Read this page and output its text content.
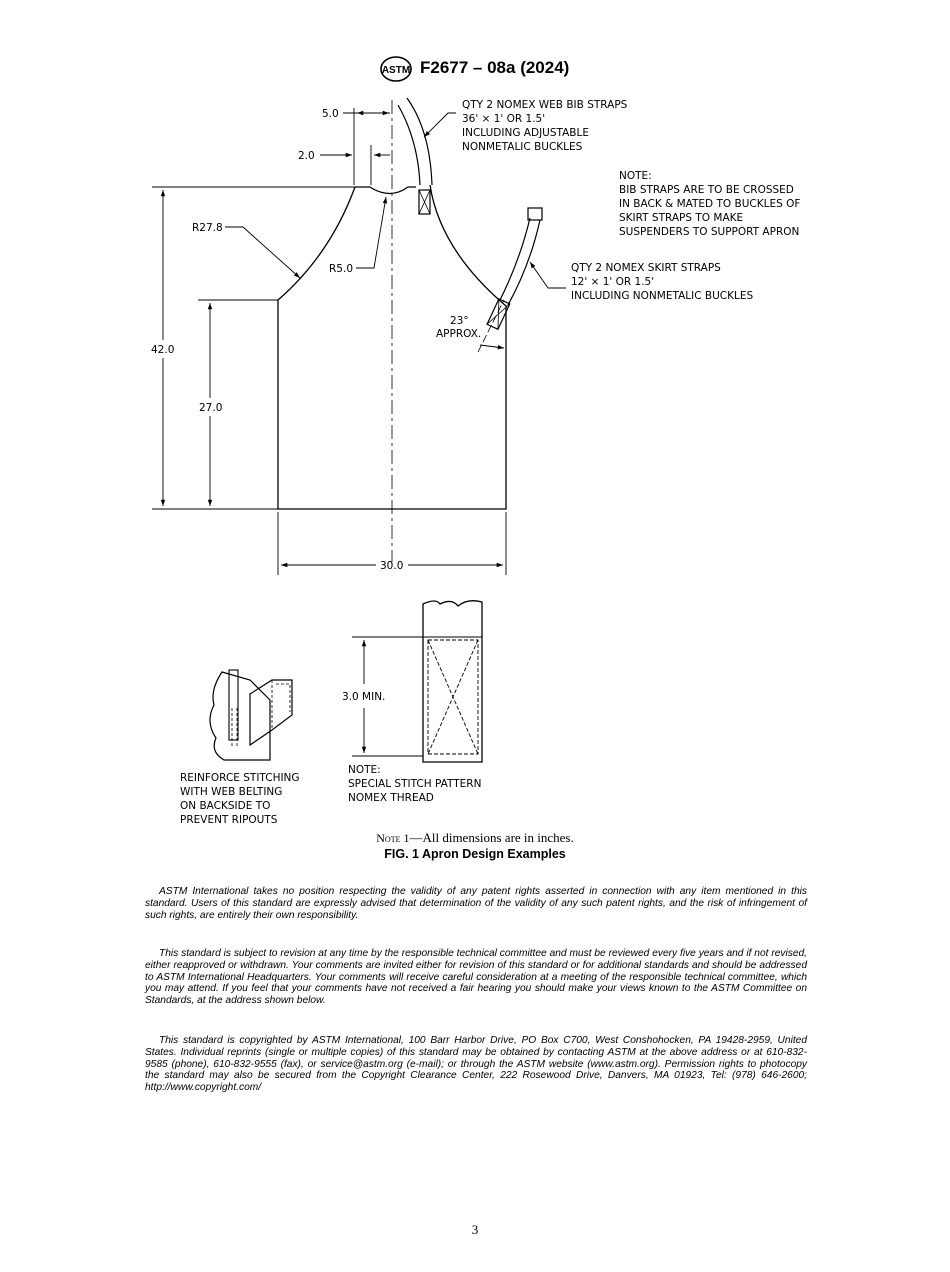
ASTM F2677 – 08a (2024)
5.0
2.0
R27.8
R5.0
42.0
27.0
30.0
23°
APPROX.
3.0 MIN.
QTY 2 NOMEX WEB BIB STRAPS
36' × 1' OR 1.5'
INCLUDING ADJUSTABLE
NONMETALIC BUCKLES
NOTE:
BIB STRAPS ARE TO BE CROSSED
IN BACK & MATED TO BUCKLES OF
SKIRT STRAPS TO MAKE
SUSPENDERS TO SUPPORT APRON
QTY 2 NOMEX SKIRT STRAPS
12' × 1' OR 1.5'
INCLUDING NONMETALIC BUCKLES
REINFORCE STITCHING
WITH WEB BELTING
ON BACKSIDE TO
PREVENT RIPOUTS
NOTE:
SPECIAL STITCH PATTERN
NOMEX THREAD
Note 1—All dimensions are in inches.
FIG. 1 Apron Design Examples

ASTM International takes no position respecting the validity of any patent rights asserted in connection with any item mentioned in this standard. Users of this standard are expressly advised that determination of the validity of any such patent rights, and the risk of infringement of such rights, are entirely their own responsibility.

This standard is subject to revision at any time by the responsible technical committee and must be reviewed every five years and if not revised, either reapproved or withdrawn. Your comments are invited either for revision of this standard or for additional standards and should be addressed to ASTM International Headquarters. Your comments will receive careful consideration at a meeting of the responsible technical committee, which you may attend. If you feel that your comments have not received a fair hearing you should make your views known to the ASTM Committee on Standards, at the address shown below.

This standard is copyrighted by ASTM International, 100 Barr Harbor Drive, PO Box C700, West Conshohocken, PA 19428-2959, United States. Individual reprints (single or multiple copies) of this standard may be obtained by contacting ASTM at the above address or at 610-832-9585 (phone), 610-832-9555 (fax), or service@astm.org (e-mail); or through the ASTM website (www.astm.org). Permission rights to photocopy the standard may also be secured from the Copyright Clearance Center, 222 Rosewood Drive, Danvers, MA 01923, Tel: (978) 646-2600; http://www.copyright.com/

3
